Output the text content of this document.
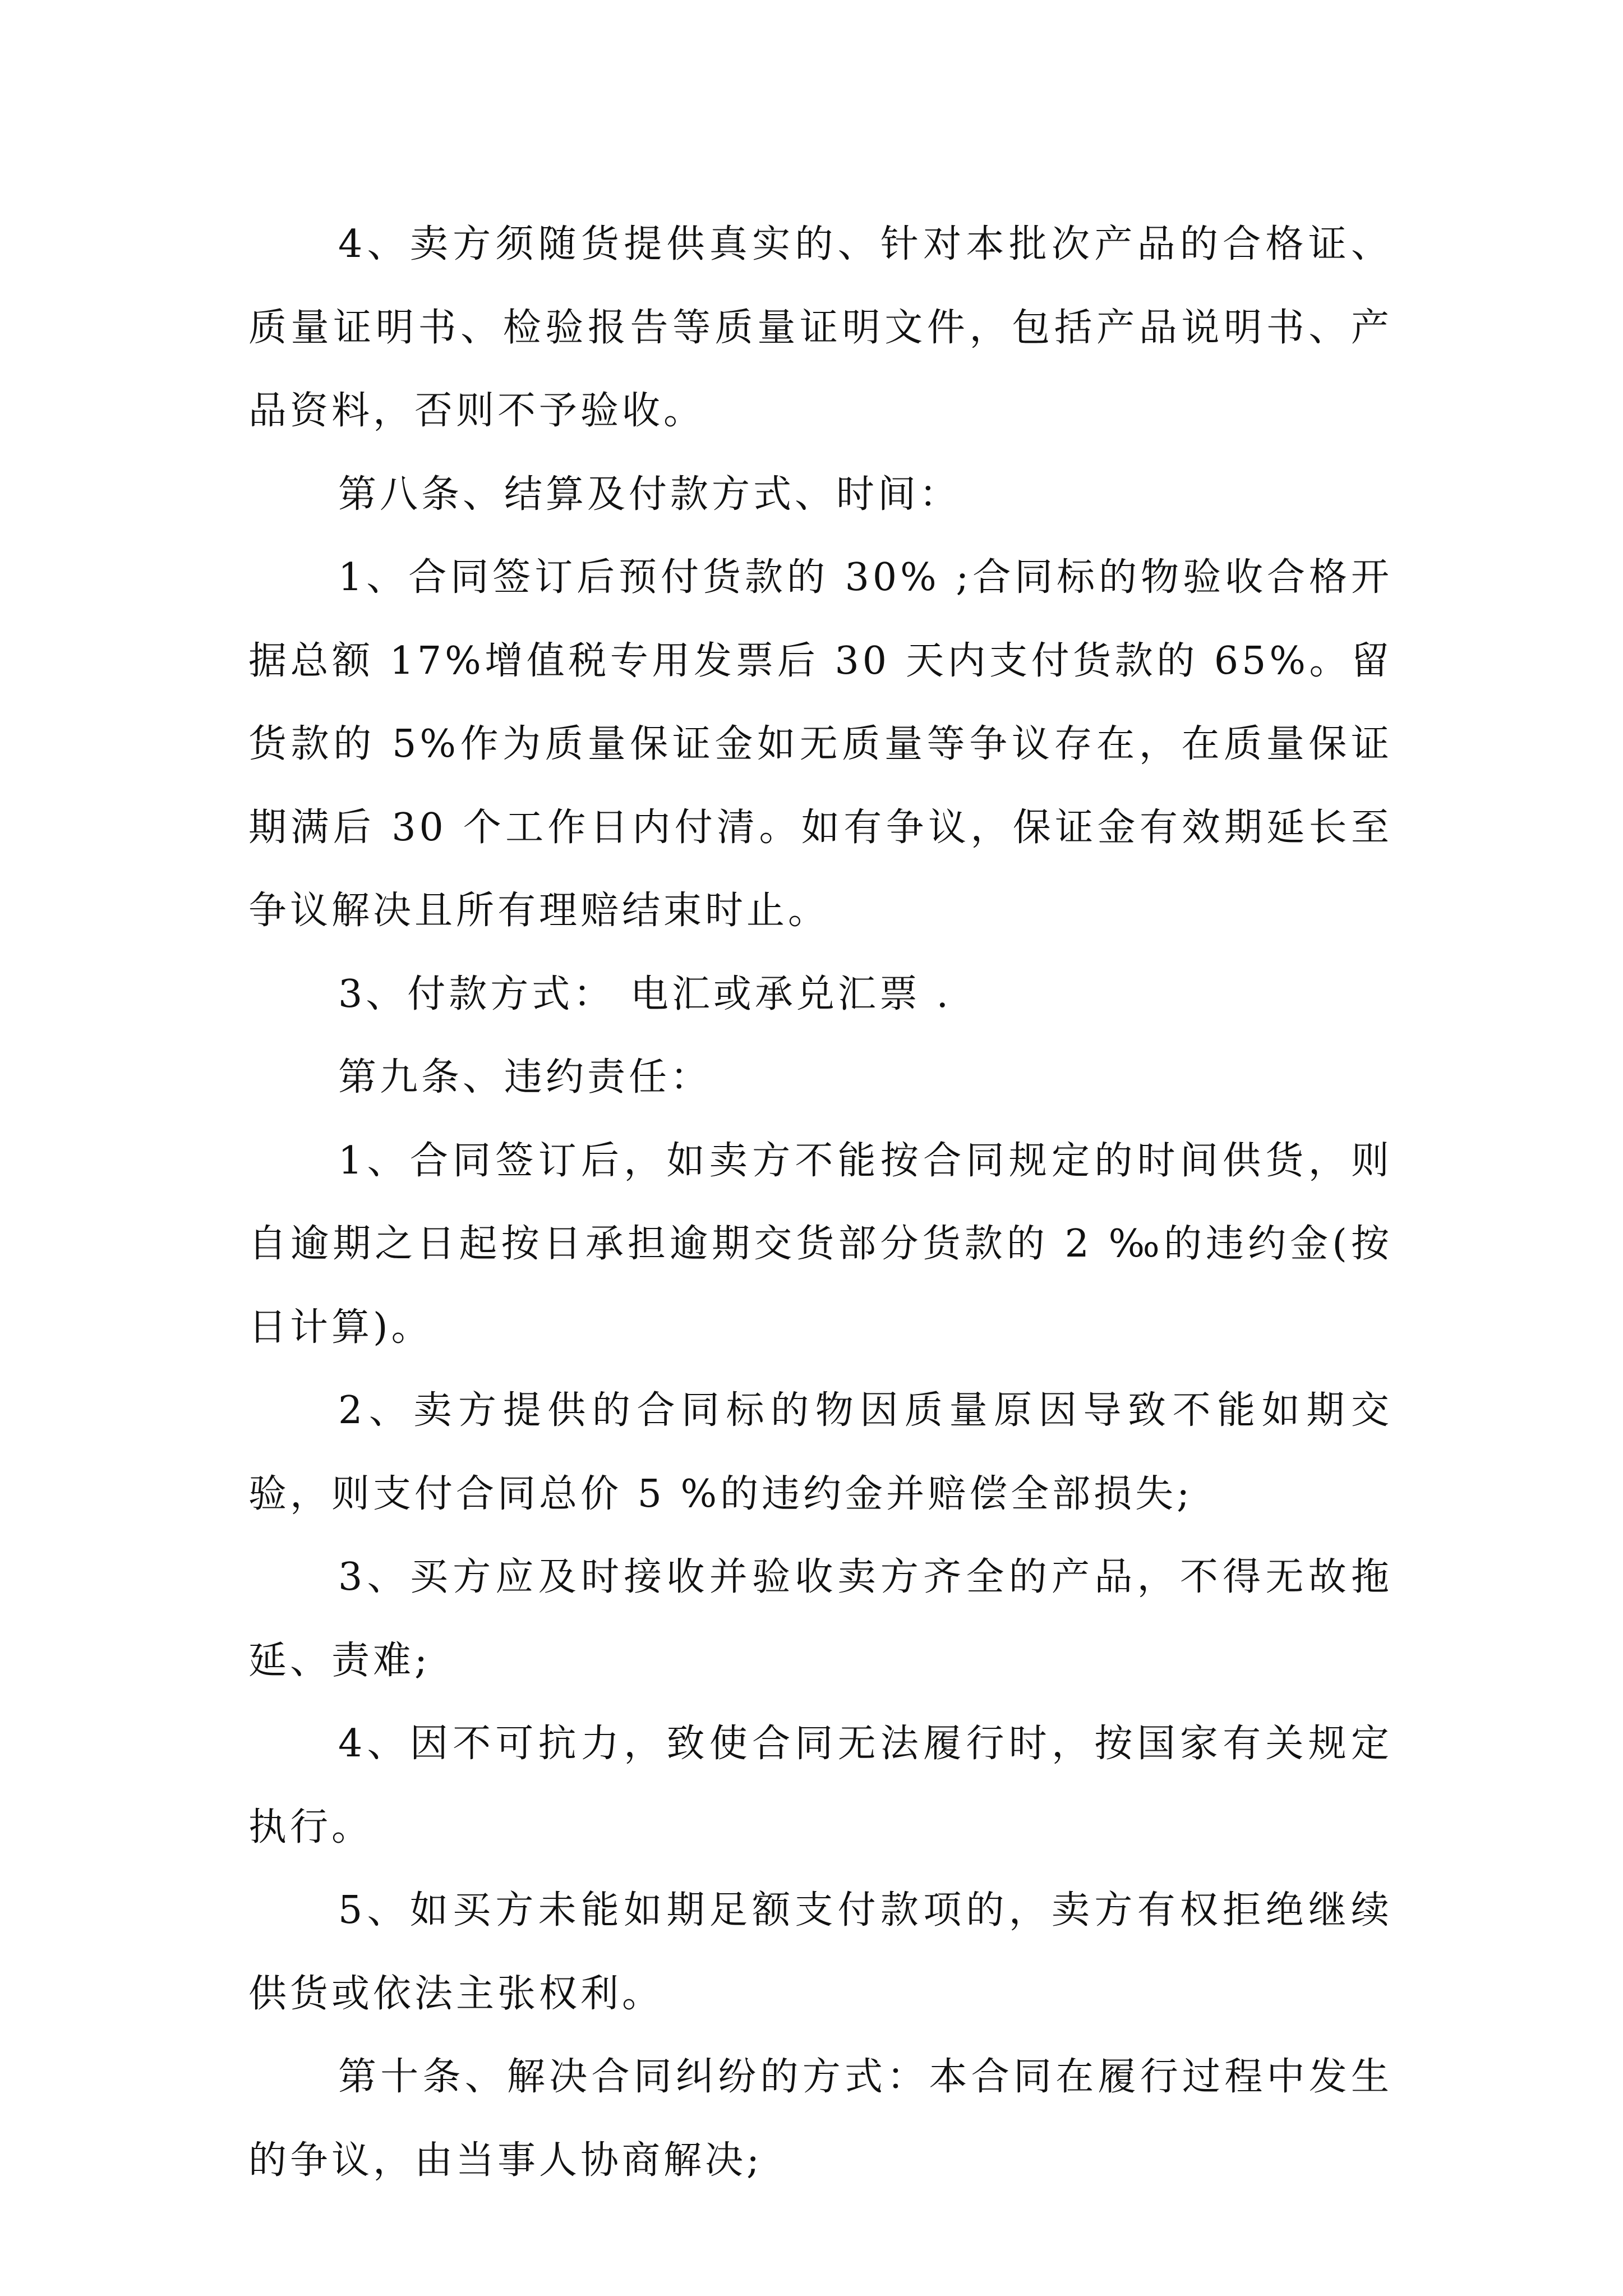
4、卖方须随货提供真实的、针对本批次产品的合格证、质量证明书、检验报告等质量证明文件，包括产品说明书、产品资料，否则不予验收。

第八条、结算及付款方式、时间：

1、合同签订后预付货款的 30% ;合同标的物验收合格开据总额 17%增值税专用发票后 30 天内支付货款的 65%。留货款的 5%作为质量保证金如无质量等争议存在，在质量保证期满后 30 个工作日内付清。如有争议，保证金有效期延长至争议解决且所有理赔结束时止。

3、付款方式： 电汇或承兑汇票 .

第九条、违约责任：

1、合同签订后，如卖方不能按合同规定的时间供货，则自逾期之日起按日承担逾期交货部分货款的 2 ‰的违约金(按日计算)。

2、卖方提供的合同标的物因质量原因导致不能如期交验，则支付合同总价 5 %的违约金并赔偿全部损失;

3、买方应及时接收并验收卖方齐全的产品，不得无故拖延、责难;

4、因不可抗力，致使合同无法履行时，按国家有关规定执行。

5、如买方未能如期足额支付款项的，卖方有权拒绝继续供货或依法主张权利。

第十条、解决合同纠纷的方式：本合同在履行过程中发生的争议，由当事人协商解决;
